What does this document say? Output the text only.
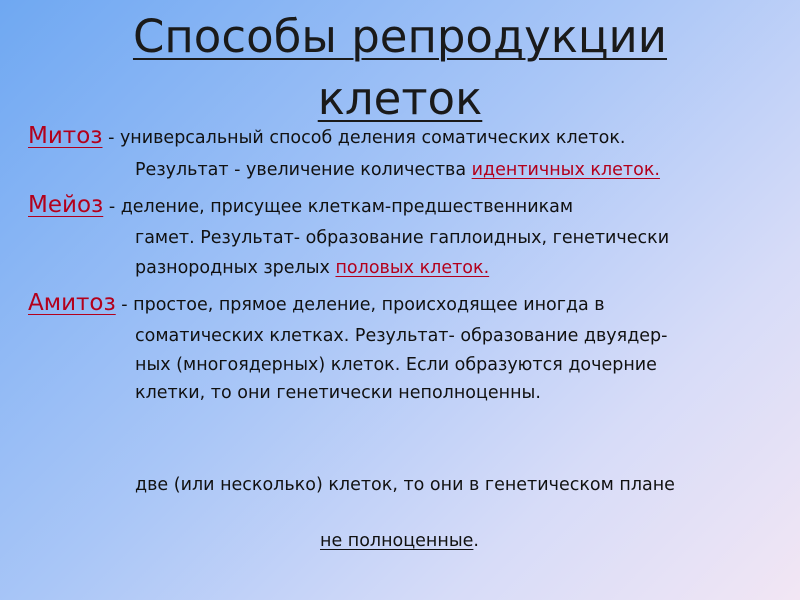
Способы репродукции
клеток
Митоз - универсальный способ деления соматических клеток.
Результат - увеличение количества идентичных клеток.
Мейоз - деление, присущее клеткам-предшественникам
гамет. Результат- образование гаплоидных, генетически
разнородных зрелых половых клеток.
Амитоз - простое, прямое деление, происходящее иногда в
соматических клетках. Результат- образование двуядер-
ных (многоядерных) клеток. Если образуются дочерние
клетки, то они генетически неполноценны.
две (или несколько) клеток, то они в генетическом плане
не полноценные.
